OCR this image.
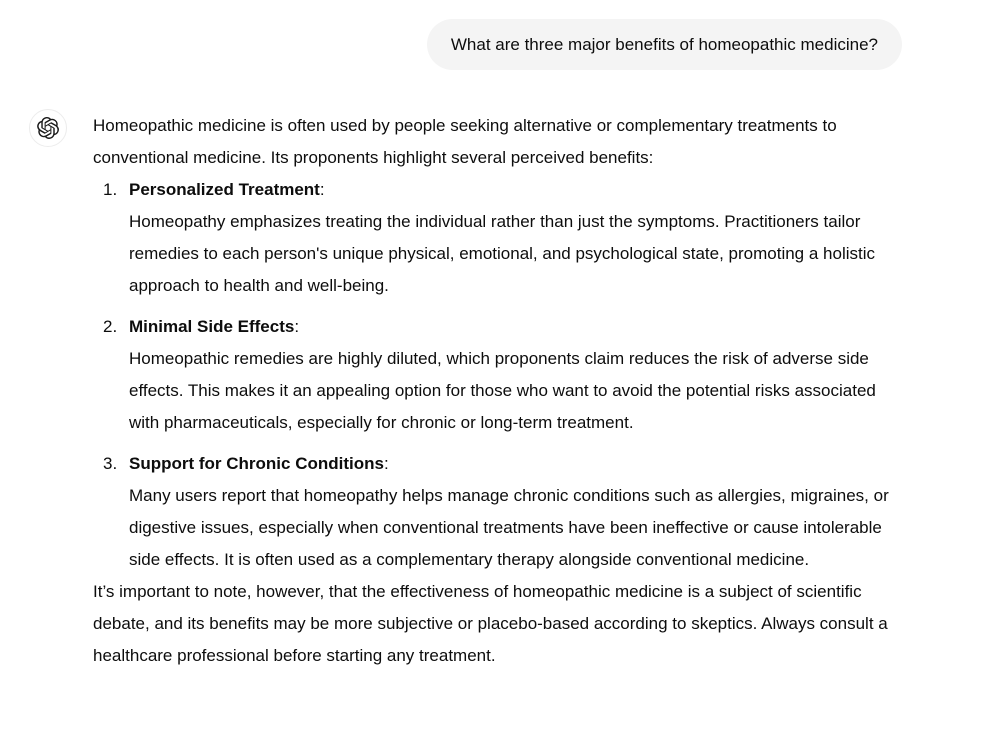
What are three major benefits of homeopathic medicine?

Homeopathic medicine is often used by people seeking alternative or complementary treatments to conventional medicine. Its proponents highlight several perceived benefits:

1. Personalized Treatment:
Homeopathy emphasizes treating the individual rather than just the symptoms. Practitioners tailor remedies to each person's unique physical, emotional, and psychological state, promoting a holistic approach to health and well-being.
2. Minimal Side Effects:
Homeopathic remedies are highly diluted, which proponents claim reduces the risk of adverse side effects. This makes it an appealing option for those who want to avoid the potential risks associated with pharmaceuticals, especially for chronic or long-term treatment.
3. Support for Chronic Conditions:
Many users report that homeopathy helps manage chronic conditions such as allergies, migraines, or digestive issues, especially when conventional treatments have been ineffective or cause intolerable side effects. It is often used as a complementary therapy alongside conventional medicine.

It’s important to note, however, that the effectiveness of homeopathic medicine is a subject of scientific debate, and its benefits may be more subjective or placebo-based according to skeptics. Always consult a healthcare professional before starting any treatment.
